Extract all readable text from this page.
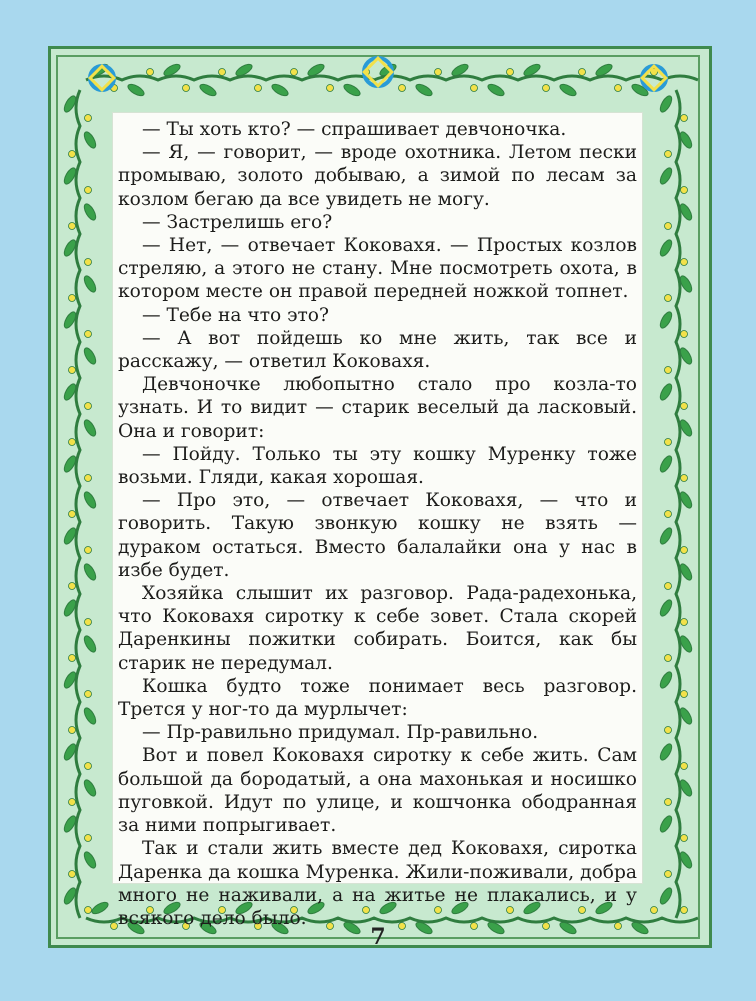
— Ты хоть кто? — спрашивает девчоночка.

— Я, — говорит, — вроде охотника. Летом пески промываю, золото добываю, а зимой по лесам за козлом бегаю да все увидеть не могу.

— Застрелишь его?

— Нет, — отвечает Коковаxя. — Простых козлов стреляю, а этого не стану. Мне посмотреть охота, в котором месте он правой передней ножкой топнет.

— Тебе на что это?

— А вот пойдешь ко мне жить, так все и расскажу, — ответил Коковаxя.

Девчоночке любопытно стало про козла-то узнать. И то видит — старик веселый да ласковый. Она и говорит:

— Пойду. Только ты эту кошку Муренку тоже возьми. Гляди, какая хорошая.

— Про это, — отвечает Коковаxя, — что и говорить. Такую звонкую кошку не взять — дураком остаться. Вместо балалайки она у нас в избе будет.

Хозяйка слышит их разговор. Рада-радехонька, что Коковаxя сиротку к себе зовет. Стала скорей Даренкины пожитки собирать. Боится, как бы старик не передумал.

Кошка будто тоже понимает весь разговор. Трется у ног-то да мурлычет:

— Пр-равильно придумал. Пр-равильно.

Вот и повел Коковаxя сиротку к себе жить. Сам большой да бородатый, а она махонькая и носишко пуговкой. Идут по улице, и кошчонка ободранная за ними попрыгивает.

Так и стали жить вместе дед Коковаxя, сиротка Даренка да кошка Муренка. Жили-поживали, добра много не наживали, а на житье не плакались, и у всякого дело было.

7
